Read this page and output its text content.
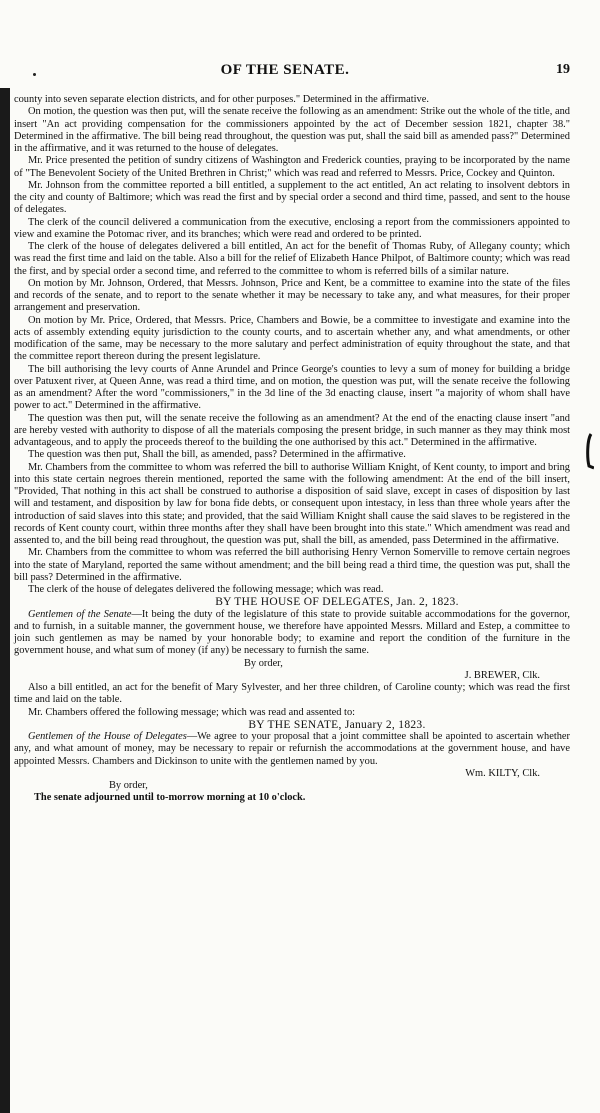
OF THE SENATE.	19

county into seven separate election districts, and for other purposes." Determined in the affirmative.

On motion, the question was then put, will the senate receive the following as an amendment: Strike out the whole of the title, and insert "An act providing compensation for the commissioners appointed by the act of December session 1821, chapter 38." Determined in the affirmative. The bill being read throughout, the question was put, shall the said bill as amended pass?" Determined in the affirmative, and it was returned to the house of delegates.

Mr. Price presented the petition of sundry citizens of Washington and Frederick counties, praying to be incorporated by the name of "The Benevolent Society of the United Brethren in Christ;" which was read and referred to Messrs. Price, Cockey and Quinton.

Mr. Johnson from the committee reported a bill entitled, a supplement to the act entitled, An act relating to insolvent debtors in the city and county of Baltimore; which was read the first and by special order a second and third time, passed, and sent to the house of delegates.

The clerk of the council delivered a communication from the executive, enclosing a report from the commissioners appointed to view and examine the Potomac river, and its branches; which were read and ordered to be printed.

The clerk of the house of delegates delivered a bill entitled, An act for the benefit of Thomas Ruby, of Allegany county; which was read the first time and laid on the table. Also a bill for the relief of Elizabeth Hance Philpot, of Baltimore county; which was read the first, and by special order a second time, and referred to the committee to whom is referred bills of a similar nature.

On motion by Mr. Johnson, Ordered, that Messrs. Johnson, Price and Kent, be a committee to examine into the state of the files and records of the senate, and to report to the senate whether it may be necessary to take any, and what measures, for their proper arrangement and preservation.

On motion by Mr. Price, Ordered, that Messrs. Price, Chambers and Bowie, be a committee to investigate and examine into the acts of assembly extending equity jurisdiction to the county courts, and to ascertain whether any, and what amendments, or other modification of the same, may be necessary to the more salutary and perfect administration of equity throughout the state, and that the committee report thereon during the present legislature.

The bill authorising the levy courts of Anne Arundel and Prince George's counties to levy a sum of money for building a bridge over Patuxent river, at Queen Anne, was read a third time, and on motion, the question was put, will the senate receive the following as an amendment? After the word "commissioners," in the 3d line of the 3d enacting clause, insert "a majority of whom shall have power to act." Determined in the affirmative.

The question was then put, will the senate receive the following as an amendment? At the end of the enacting clause insert "and are hereby vested with authority to dispose of all the materials composing the present bridge, in such manner as they may think most advantageous, and to apply the proceeds thereof to the building the one authorised by this act." Determined in the affirmative.

The question was then put, Shall the bill, as amended, pass? Determined in the affirmative.

Mr. Chambers from the committee to whom was referred the bill to authorise William Knight, of Kent county, to import and bring into this state certain negroes therein mentioned, reported the same with the following amendment: At the end of the bill insert, "Provided, That nothing in this act shall be construed to authorise a disposition of said slave, except in cases of disposition by last will and testament, and disposition by law for bona fide debts, or consequent upon intestacy, in less than three whole years after the introduction of said slaves into this state; and provided, that the said William Knight shall cause the said slaves to be registered in the records of Kent county court, within three months after they shall have been brought into this state." Which amendment was read and assented to, and the bill being read throughout, the question was put, shall the bill, as amended, pass Determined in the affirmative.

Mr. Chambers from the committee to whom was referred the bill authorising Henry Vernon Somerville to remove certain negroes into the state of Maryland, reported the same without amendment; and the bill being read a third time, the question was put, shall the bill pass? Determined in the affirmative.

The clerk of the house of delegates delivered the following message; which was read.

BY THE HOUSE OF DELEGATES, Jan. 2, 1823.

Gentlemen of the Senate—It being the duty of the legislature of this state to provide suitable accommodations for the governor, and to furnish, in a suitable manner, the government house, we therefore have appointed Messrs. Millard and Estep, a committee to join such gentlemen as may be named by your honorable body; to examine and report the condition of the furniture in the government house, and what sum of money (if any) be necessary to furnish the same.

By order,

J. BREWER, Clk.

Also a bill entitled, an act for the benefit of Mary Sylvester, and her three children, of Caroline county; which was read the first time and laid on the table.

Mr. Chambers offered the following message; which was read and assented to:

BY THE SENATE, January 2, 1823.

Gentlemen of the House of Delegates—We agree to your proposal that a joint committee shall be apointed to ascertain whether any, and what amount of money, may be necessary to repair or refurnish the accommodations at the government house, and have appointed Messrs. Chambers and Dickinson to unite with the gentlemen named by you.

Wm. KILTY, Clk.

By order,

The senate adjourned until to-morrow morning at 10 o'clock.
